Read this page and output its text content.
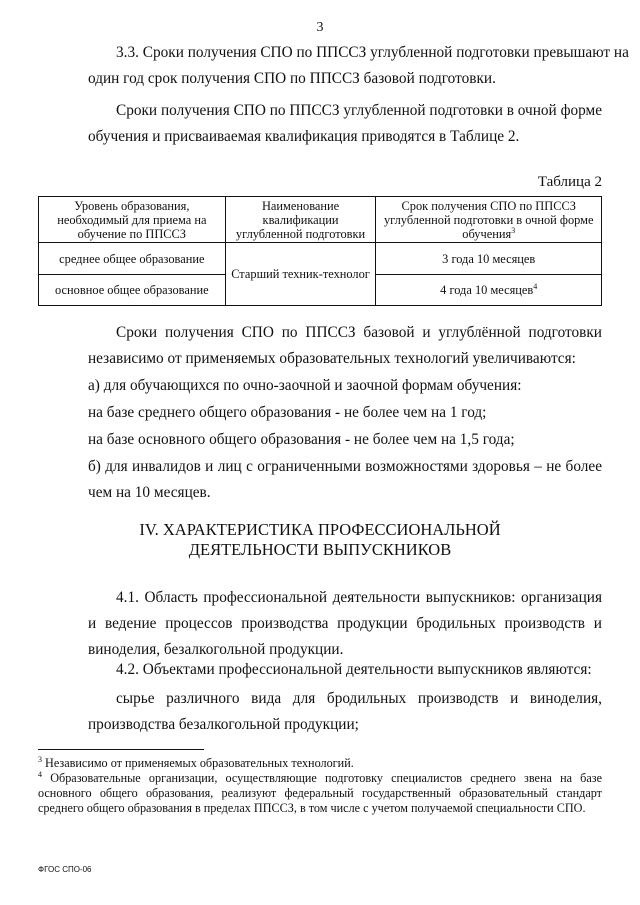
3
3.3. Сроки получения СПО по ППССЗ углубленной подготовки превышают на
один год срок получения СПО по ППССЗ базовой подготовки.
Сроки получения СПО по ППССЗ углубленной подготовки в очной форме
обучения и присваиваемая квалификация приводятся в Таблице 2.
Таблица 2
Уровень образования, необходимый для приема на обучение по ППССЗ	Наименование квалификации углубленной подготовки	Срок получения СПО по ППССЗ углубленной подготовки в очной форме обучения$^3$
среднее общее образование	Старший техник-технолог	3 года 10 месяцев
основное общее образование		4 года 10 месяцев$^4$
Сроки получения СПО по ППССЗ базовой и углублённой подготовки
независимо от применяемых образовательных технологий увеличиваются:
а) для обучающихся по очно-заочной и заочной формам обучения:
на базе среднего общего образования - не более чем на 1 год;
на базе основного общего образования - не более чем на 1,5 года;
б) для инвалидов и лиц с ограниченными возможностями здоровья – не более
чем на 10 месяцев.
IV. ХАРАКТЕРИСТИКА ПРОФЕССИОНАЛЬНОЙ
ДЕЯТЕЛЬНОСТИ ВЫПУСКНИКОВ

4.1. Область профессиональной деятельности выпускников: организация и ведение процессов производства продукции бродильных производств и виноделия, безалкогольной продукции.

4.2. Объектами профессиональной деятельности выпускников являются:

сырье различного вида для бродильных производств и виноделия, производства безалкогольной продукции;

$^3$ Независимо от применяемых образовательных технологий.

$^4$ Образовательные организации, осуществляющие подготовку специалистов среднего звена на базе основного общего образования, реализуют федеральный государственный образовательный стандарт среднего общего образования в пределах ППССЗ, в том числе с учетом получаемой специальности СПО.

ФГОС СПО-06
